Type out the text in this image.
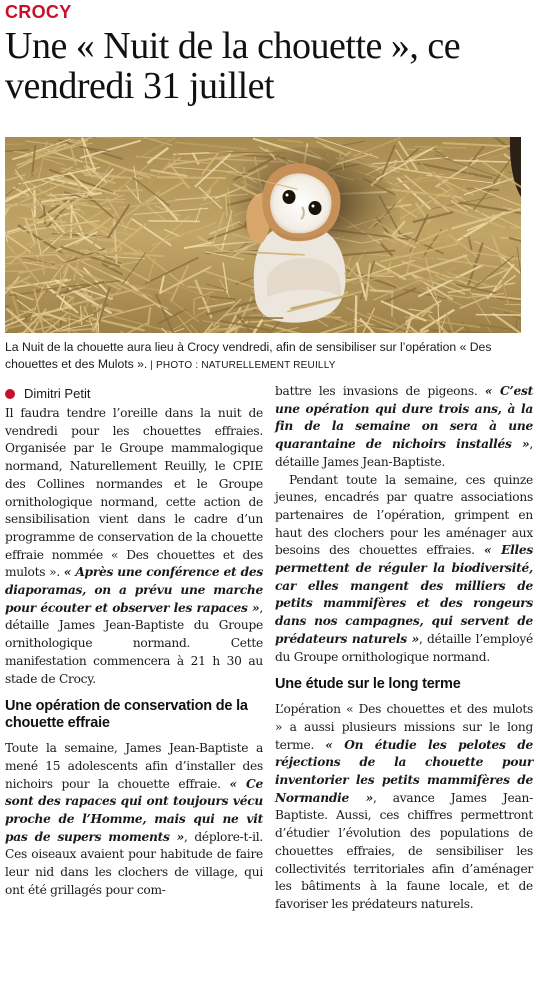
CROCY
Une « Nuit de la chouette », ce vendredi 31 juillet
La Nuit de la chouette aura lieu à Crocy vendredi, afin de sensibiliser sur l’opération « Des chouettes et des Mulots ». | PHOTO : NATURELLEMENT REUILLY
Dimitri Petit

Il faudra tendre l’oreille dans la nuit de vendredi pour les chouettes effraies. Organisée par le Groupe mammalogique normand, Naturellement Reuilly, le CPIE des Collines normandes et le Groupe ornithologique normand, cette action de sensibilisation vient dans le cadre d’un programme de conservation de la chouette effraie nommée « Des chouettes et des mulots ». « Après une conférence et des diaporamas, on a prévu une marche pour écouter et observer les rapaces », détaille James Jean-Baptiste du Groupe ornithologique normand. Cette manifestation commencera à 21 h 30 au stade de Crocy.

Une opération de conservation de la chouette effraie

Toute la semaine, James Jean-Baptiste a mené 15 adolescents afin d’installer des nichoirs pour la chouette effraie. « Ce sont des rapaces qui ont toujours vécu proche de l’Homme, mais qui ne vit pas de supers moments », déplore-t-il. Ces oiseaux avaient pour habitude de faire leur nid dans les clochers de village, qui ont été grillagés pour com-

battre les invasions de pigeons. « C’est une opération qui dure trois ans, à la fin de la semaine on sera à une quarantaine de nichoirs installés », détaille James Jean-Baptiste.

Pendant toute la semaine, ces quinze jeunes, encadrés par quatre associations partenaires de l’opération, grimpent en haut des clochers pour les aménager aux besoins des chouettes effraies. « Elles permettent de réguler la biodiversité, car elles mangent des milliers de petits mammifères et des rongeurs dans nos campagnes, qui servent de prédateurs naturels », détaille l’employé du Groupe ornithologique normand.

Une étude sur le long terme

L’opération « Des chouettes et des mulots » a aussi plusieurs missions sur le long terme. « On étudie les pelotes de réjections de la chouette pour inventorier les petits mammifères de Normandie », avance James Jean-Baptiste. Aussi, ces chiffres permettront d’étudier l’évolution des populations de chouettes effraies, de sensibiliser les collectivités territoriales afin d’aménager les bâtiments à la faune locale, et de favoriser les prédateurs naturels.
